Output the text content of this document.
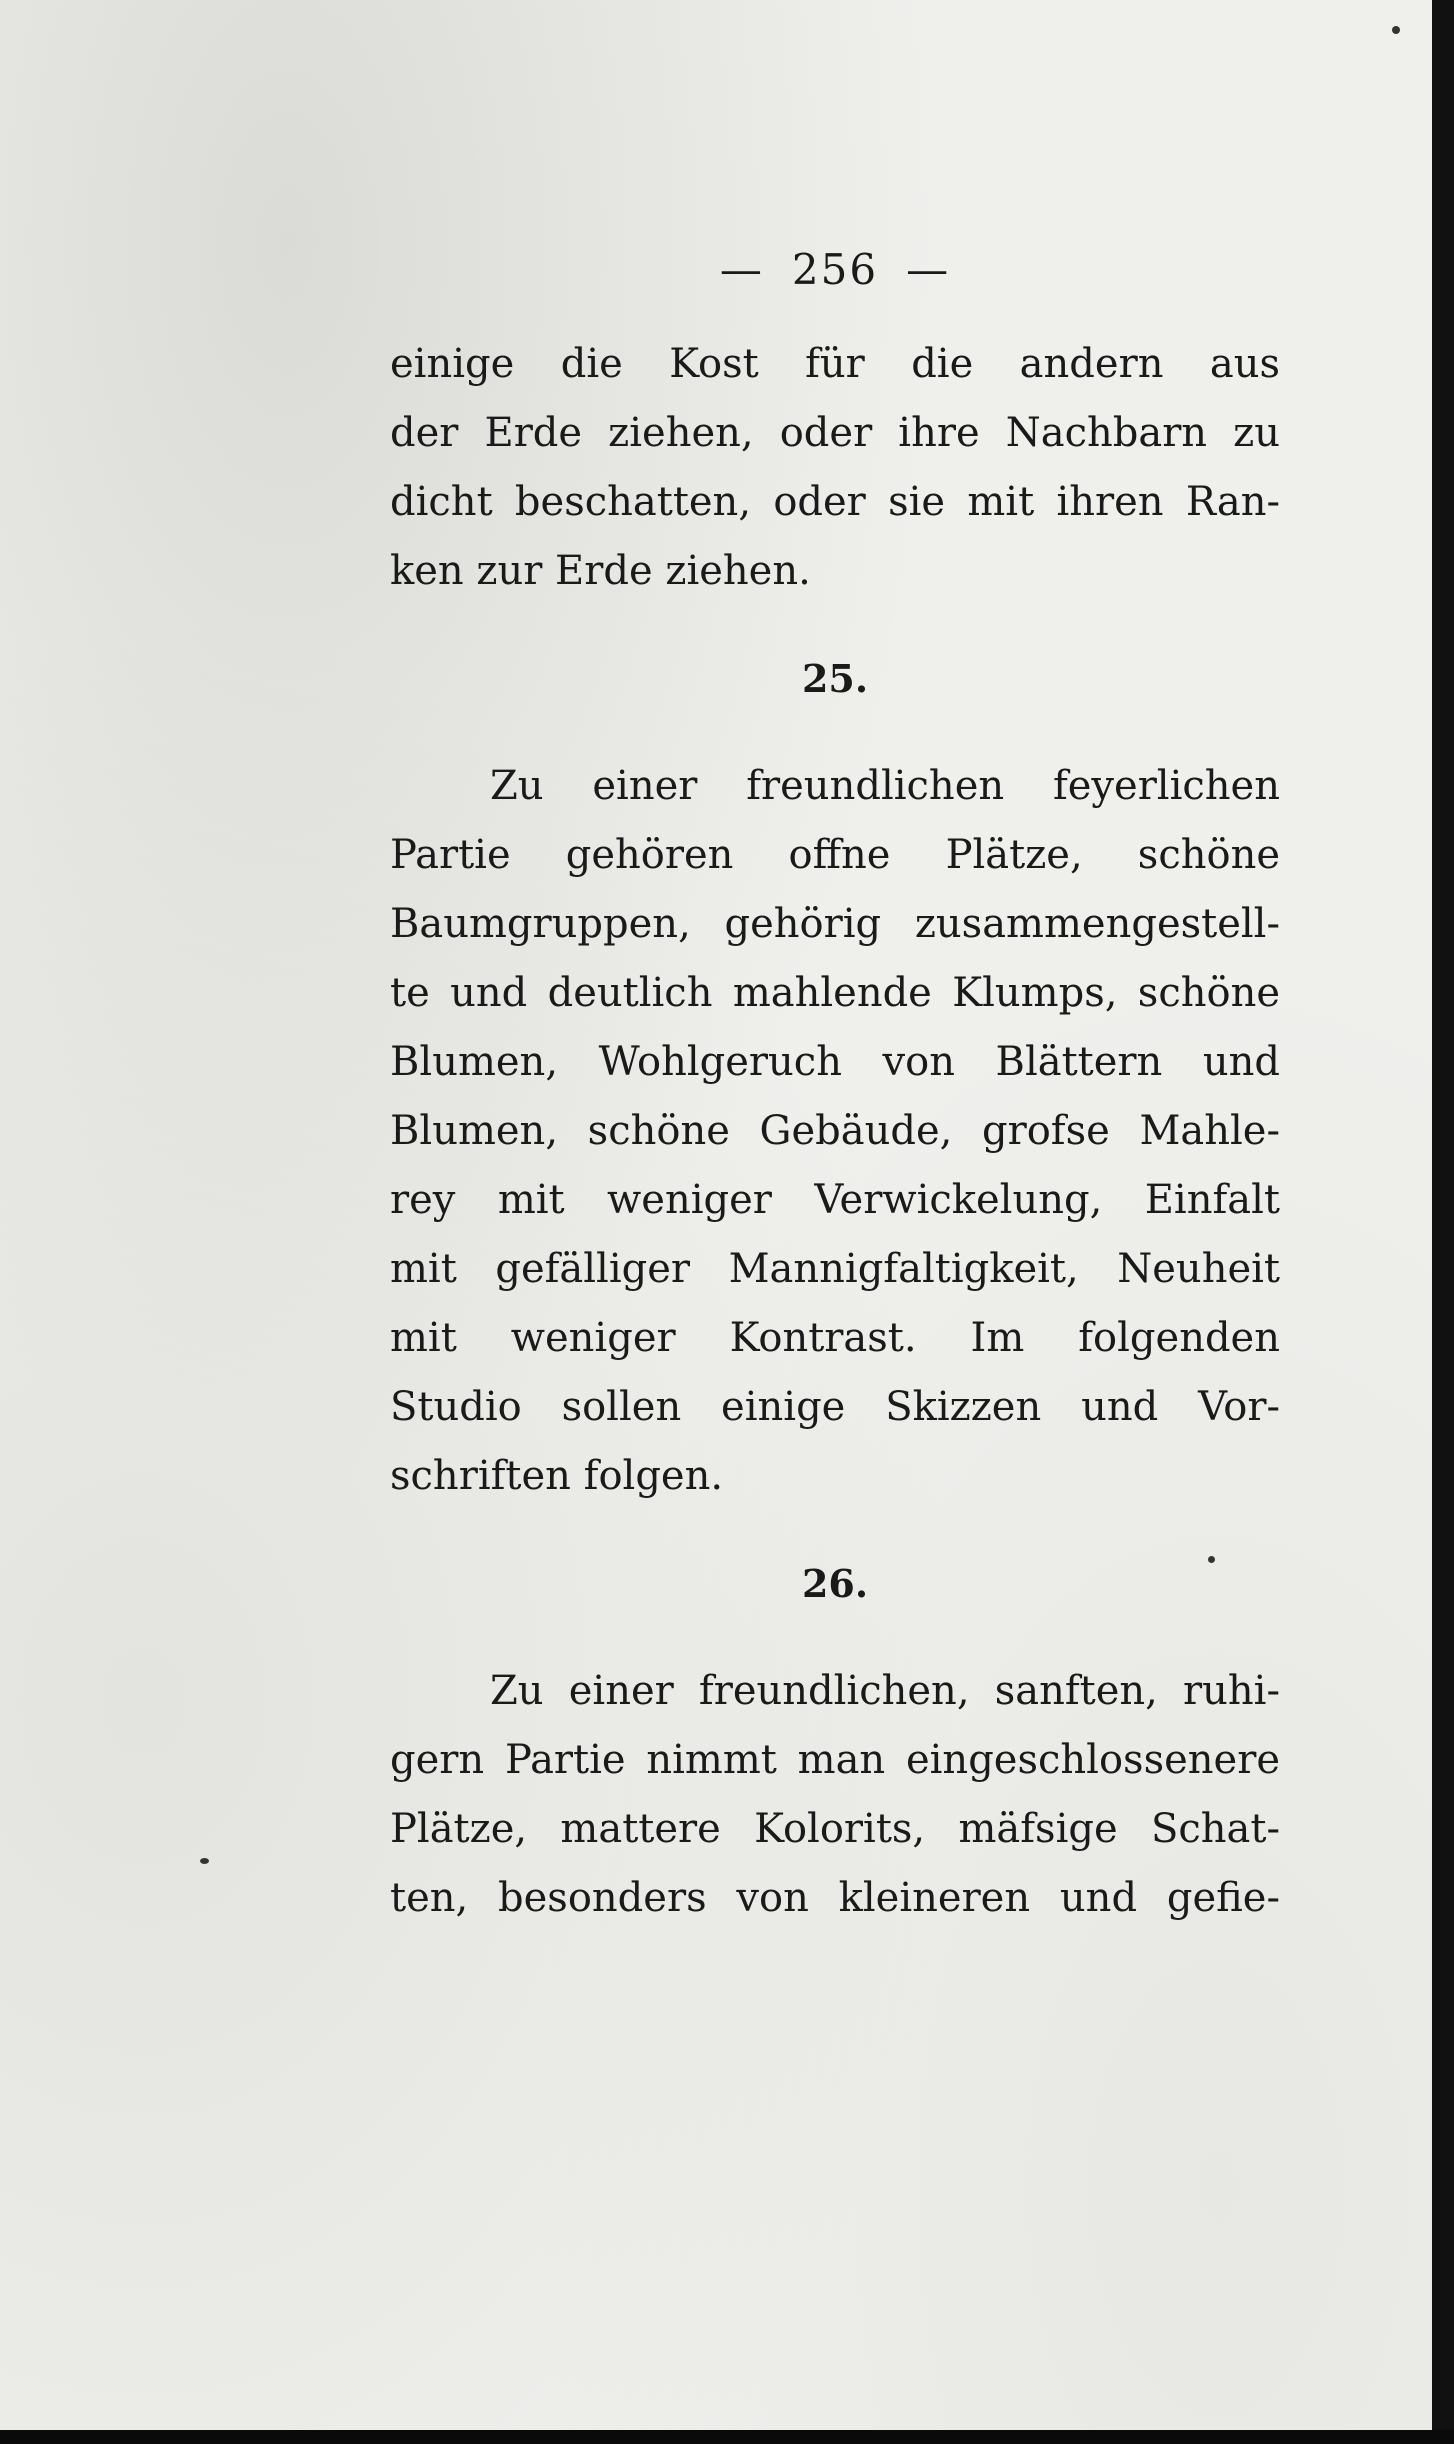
— 256 —
einige die Kost für die andern aus
der Erde ziehen, oder ihre Nachbarn zu
dicht beschatten, oder sie mit ihren Ran-
ken zur Erde ziehen.
25.
Zu einer freundlichen feyerlichen
Partie gehören offne Plätze, schöne
Baumgruppen, gehörig zusammengestell-
te und deutlich mahlende Klumps, schöne
Blumen, Wohlgeruch von Blättern und
Blumen, schöne Gebäude, grofse Mahle-
rey mit weniger Verwickelung, Einfalt
mit gefälliger Mannigfaltigkeit, Neuheit
mit weniger Kontrast. Im folgenden
Studio sollen einige Skizzen und Vor-
schriften folgen.
26.
Zu einer freundlichen, sanften, ruhi-
gern Partie nimmt man eingeschlossenere
Plätze, mattere Kolorits, mäfsige Schat-
ten, besonders von kleineren und gefie-
